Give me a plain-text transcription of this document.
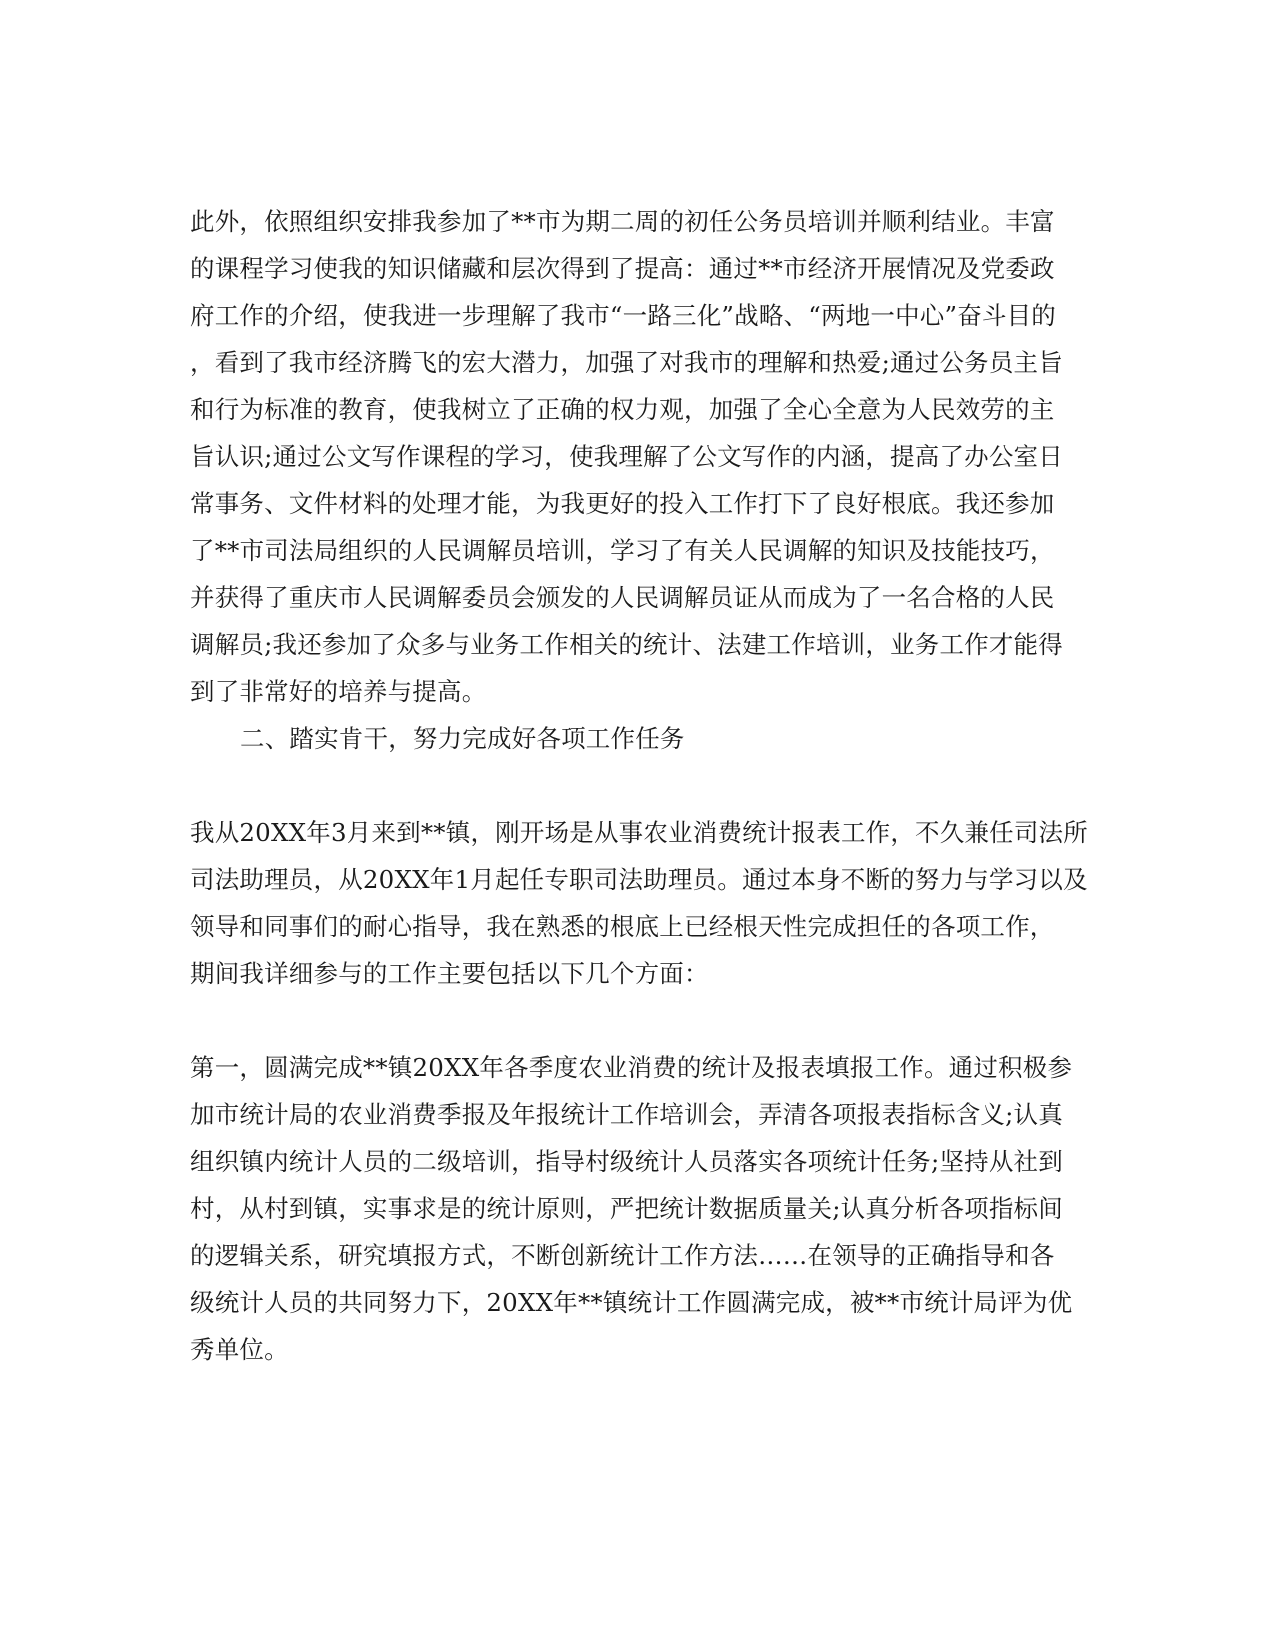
此外，依照组织安排我参加了**市为期二周的初任公务员培训并顺利结业。丰富
的课程学习使我的知识储藏和层次得到了提高：通过**市经济开展情况及党委政
府工作的介绍，使我进一步理解了我市“一路三化”战略、“两地一中心”奋斗目的
，看到了我市经济腾飞的宏大潜力，加强了对我市的理解和热爱;通过公务员主旨
和行为标准的教育，使我树立了正确的权力观，加强了全心全意为人民效劳的主
旨认识;通过公文写作课程的学习，使我理解了公文写作的内涵，提高了办公室日
常事务、文件材料的处理才能，为我更好的投入工作打下了良好根底。我还参加
了**市司法局组织的人民调解员培训，学习了有关人民调解的知识及技能技巧，
并获得了重庆市人民调解委员会颁发的人民调解员证从而成为了一名合格的人民
调解员;我还参加了众多与业务工作相关的统计、法建工作培训，业务工作才能得
到了非常好的培养与提高。
二、踏实肯干，努力完成好各项工作任务
我从20XX年3月来到**镇，刚开场是从事农业消费统计报表工作，不久兼任司法所
司法助理员，从20XX年1月起任专职司法助理员。通过本身不断的努力与学习以及
领导和同事们的耐心指导，我在熟悉的根底上已经根天性完成担任的各项工作，
期间我详细参与的工作主要包括以下几个方面：
第一，圆满完成**镇20XX年各季度农业消费的统计及报表填报工作。通过积极参
加市统计局的农业消费季报及年报统计工作培训会，弄清各项报表指标含义;认真
组织镇内统计人员的二级培训，指导村级统计人员落实各项统计任务;坚持从社到
村，从村到镇，实事求是的统计原则，严把统计数据质量关;认真分析各项指标间
的逻辑关系，研究填报方式，不断创新统计工作方法……在领导的正确指导和各
级统计人员的共同努力下，20XX年**镇统计工作圆满完成，被**市统计局评为优
秀单位。
